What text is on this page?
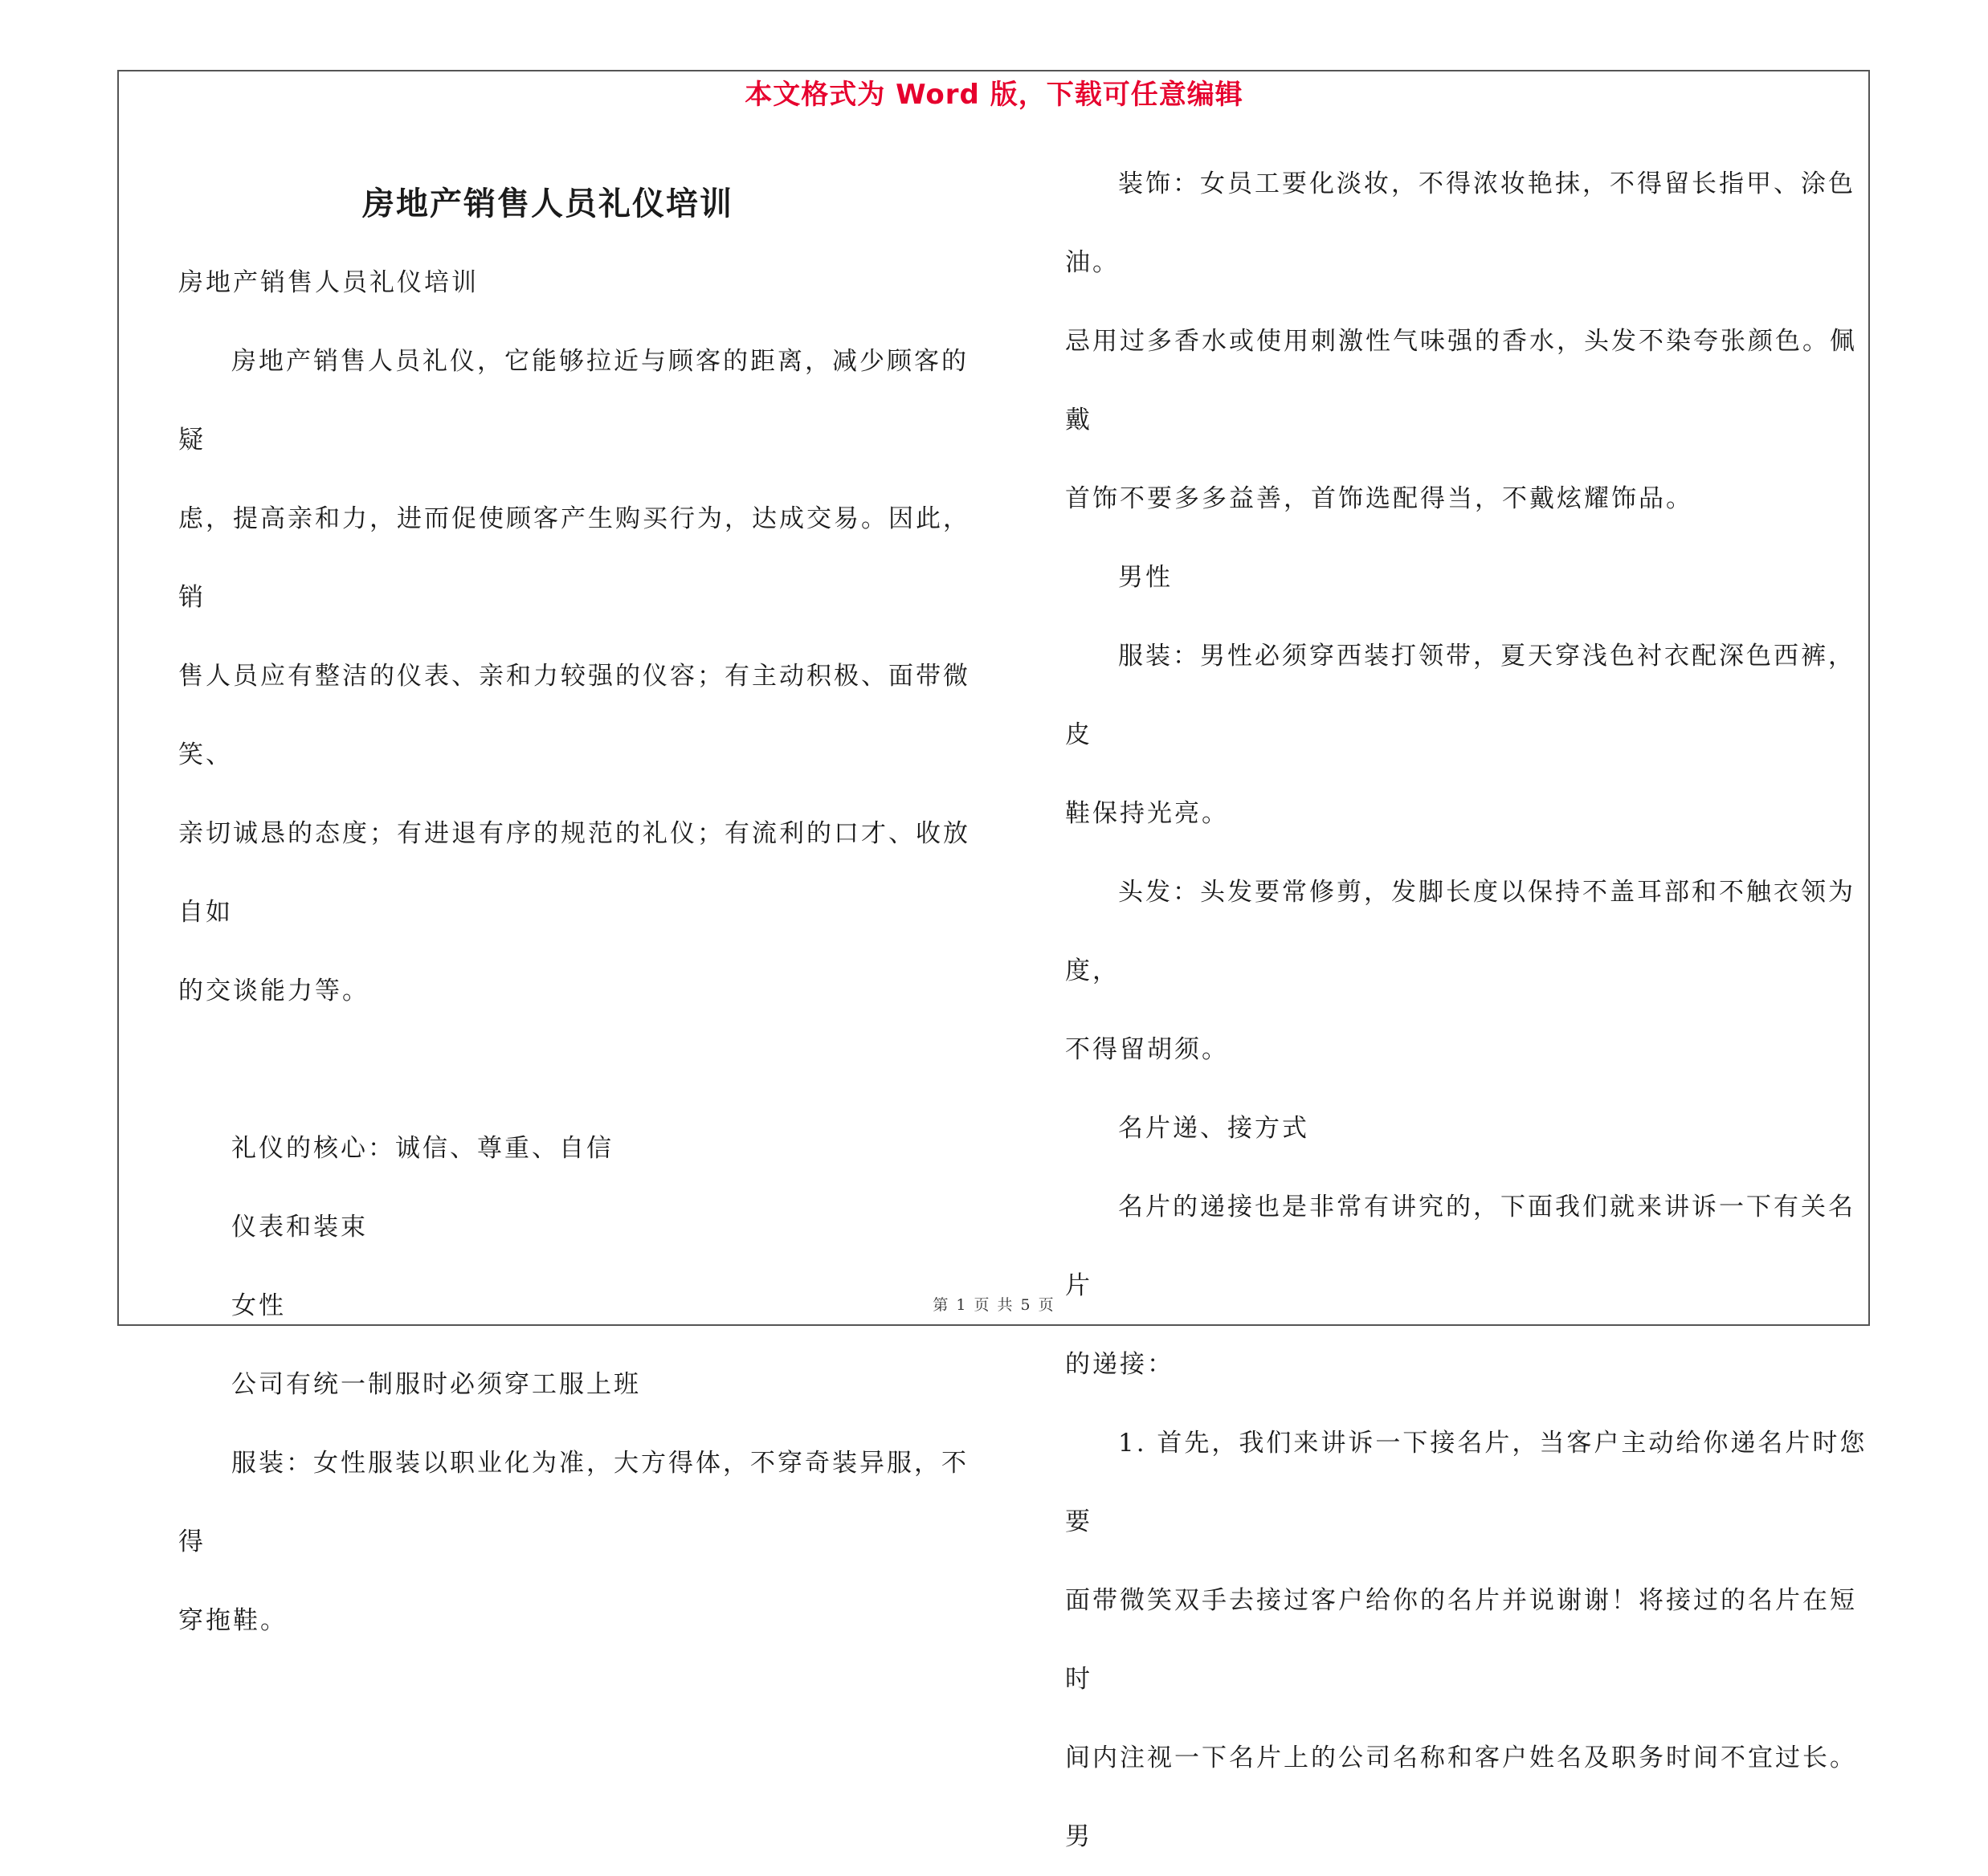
本文格式为 Word 版，下载可任意编辑

房地产销售人员礼仪培训

房地产销售人员礼仪培训

房地产销售人员礼仪，它能够拉近与顾客的距离，减少顾客的疑

虑，提高亲和力，进而促使顾客产生购买行为，达成交易。因此，销

售人员应有整洁的仪表、亲和力较强的仪容；有主动积极、面带微笑、

亲切诚恳的态度；有进退有序的规范的礼仪；有流利的口才、收放自如

的交谈能力等。

礼仪的核心：诚信、尊重、自信

仪表和装束

女性

公司有统一制服时必须穿工服上班

服装：女性服装以职业化为准，大方得体，不穿奇装异服，不得

穿拖鞋。

装饰：女员工要化淡妆，不得浓妆艳抹，不得留长指甲、涂色油。

忌用过多香水或使用刺激性气味强的香水，头发不染夸张颜色。佩戴

首饰不要多多益善，首饰选配得当，不戴炫耀饰品。

男性

服装：男性必须穿西装打领带，夏天穿浅色衬衣配深色西裤，皮

鞋保持光亮。

头发：头发要常修剪，发脚长度以保持不盖耳部和不触衣领为度，

不得留胡须。

名片递、接方式

名片的递接也是非常有讲究的，下面我们就来讲诉一下有关名片

的递接：

1. 首先，我们来讲诉一下接名片，当客户主动给你递名片时您要

面带微笑双手去接过客户给你的名片并说谢谢！将接过的名片在短时

间内注视一下名片上的公司名称和客户姓名及职务时间不宜过长。男

第 1 页 共 5 页
